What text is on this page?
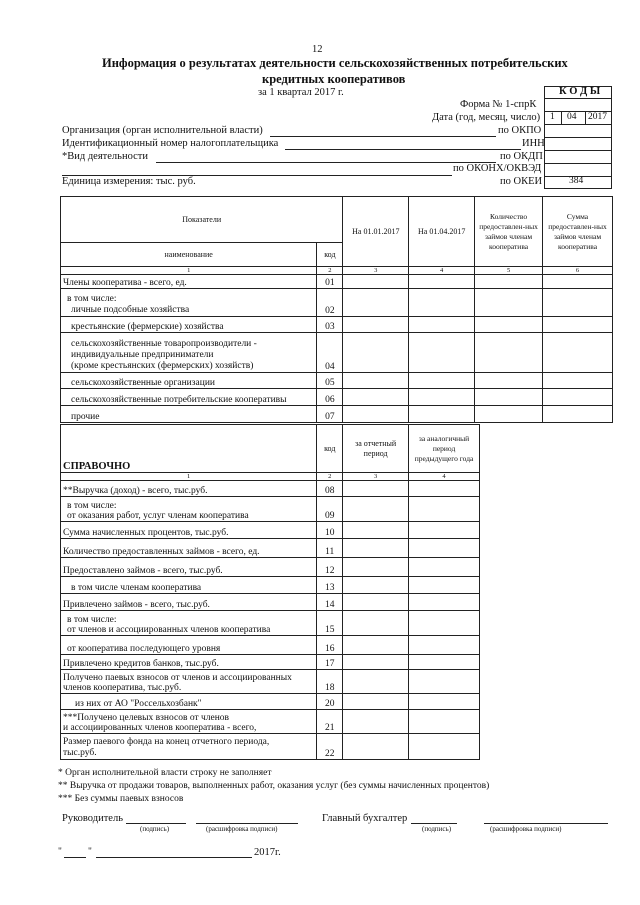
12
Информация о результатах деятельности сельскохозяйственных потребительских
кредитных кооперативов
за 1 квартал 2017 г.	К О Д Ы
Форма № 1-спрК
Дата (год, месяц, число) 1 04 2017
Организация (орган исполнительной власти)	по ОКПО
Идентификационный номер налогоплательщика	ИНН
*Вид деятельности	по ОКДП
по ОКОНХ/ОКВЭД
Единица измерения: тыс. руб.	по ОКЕИ	384
Показатели		На 01.01.2017	На 01.04.2017	Количество предоставлен-ных займов членам кооператива	Сумма предоставлен-ных займов членам кооператива
наименование	код				
1	2	3	4	5	6
Члены кооператива - всего, ед.	01				

в том числе:
личные подсобные хозяйства	02				
крестьянские (фермерские) хозяйства	03				

сельскохозяйственные товаропроизводители -
индивидуальные предприниматели
(кроме крестьянских (фермерских) хозяйств)	04				
сельскохозяйственные организации	05				
сельскохозяйственные потребительские кооперативы	06				
прочие	07				
СПРАВОЧНО	код	за отчетный период	за аналогичный период предыдущего года
1	2	3	4
**Выручка (доход) - всего, тыс.руб.	08		

в том числе:
от оказания работ, услуг членам кооператива	09		
Сумма начисленных процентов, тыс.руб.	10		
Количество предоставленных займов - всего, ед.	11		
Предоставлено займов - всего, тыс.руб.	12		
в том числе членам кооператива	13		
Привлечено займов - всего, тыс.руб.	14		

в том числе:
от членов и ассоциированных членов кооператива	15		
от кооператива последующего уровня	16		
Привлечено кредитов банков, тыс.руб.	17		

Получено паевых взносов от членов и ассоциированных
членов кооператива, тыс.руб.	18		
из них от АО "Россельхозбанк"	20		

***Получено целевых взносов от членов
и ассоциированных членов кооператива - всего,	21		

Размер паевого фонда на конец отчетного периода,
тыс.руб.	22		
* Орган исполнительной власти строку не заполняет
** Выручка от продажи товаров, выполненных работ, оказания услуг (без суммы начисленных процентов)
*** Без суммы паевых взносов
Руководитель
(подпись)	(расшифровка подписи)
Главный бухгалтер
(подпись)	(расшифровка подписи)
"	"	2017г.
